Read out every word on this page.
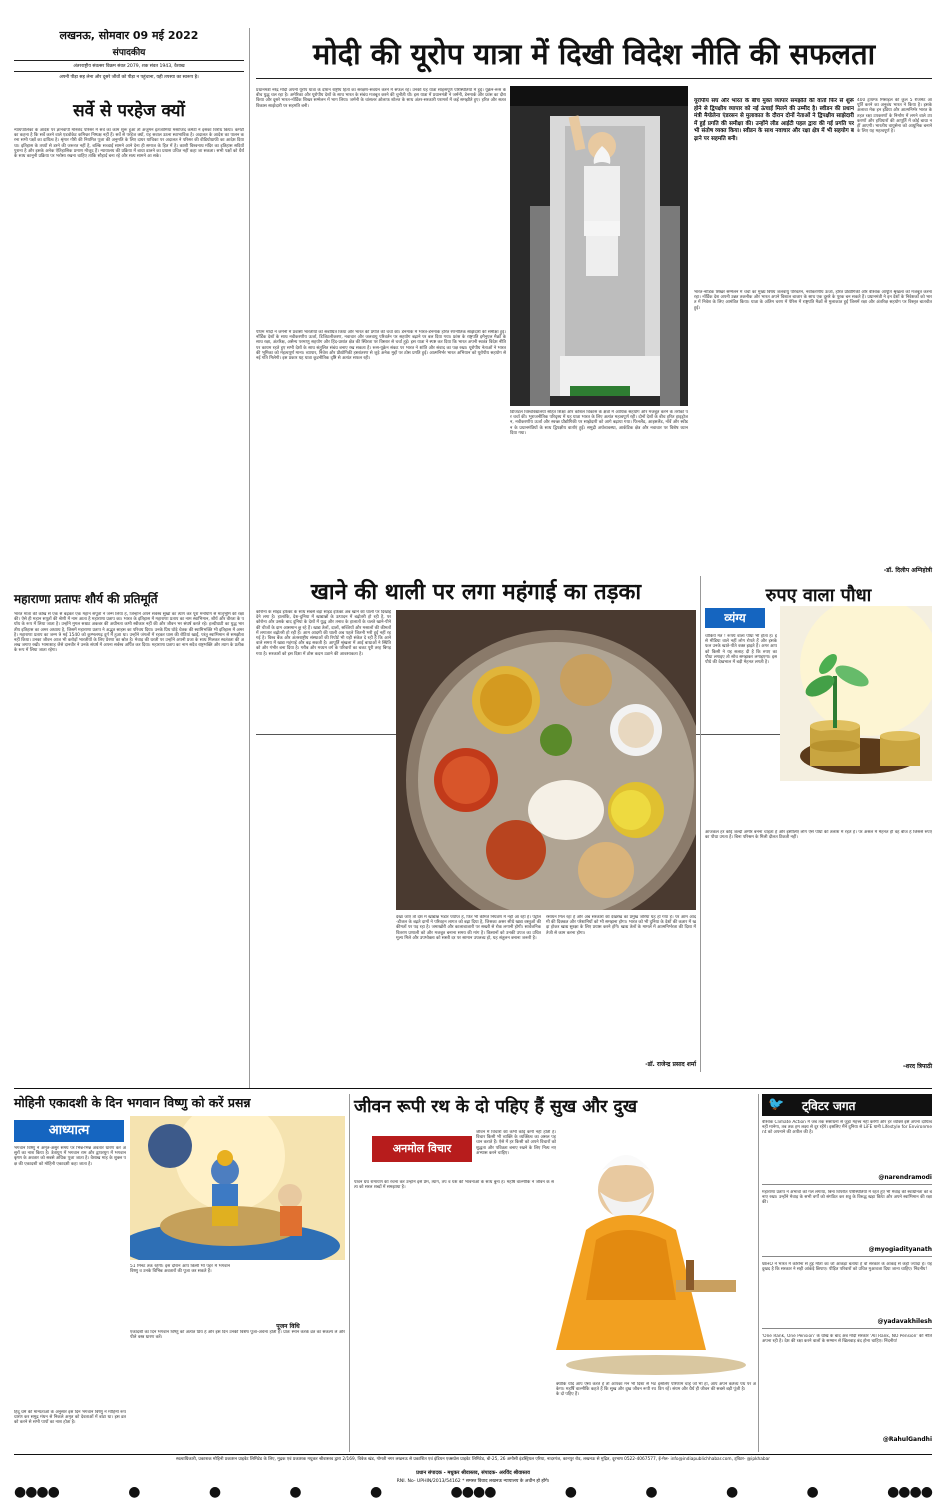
लखनऊ, सोमवार 09 मई 2022
संपादकीय
अंतरराष्ट्रीय संवत्सर विक्रम संवत 2079, शक संवत 1943, वैशाख
अपनी पीड़ा सह लेना और दूसरे जीवों को पीड़ा न पहुंचाना, यही तपस्या का स्वरूप है।
सर्वे से परहेज क्यों
न्यायपालिका के आदेश पर ज्ञानवापी मस्जिद परिसर में सर्वे का काम शुरू हुआ तो अंजुमन इंतजामिया मसाजिद कमेटी ने इसका विरोध किया। कमेटी का कहना है कि सर्वे करने वाले एडवोकेट कमिश्नर निष्पक्ष नहीं हैं। सर्वे से परहेज क्यों, यह सवाल उठना स्वाभाविक है। अदालत के आदेश का पालन करना सभी पक्षों का दायित्व है। श्रृंगार गौरी की नियमित पूजा की अनुमति के लिए दायर याचिका पर अदालत ने परिसर की वीडियोग्राफी का आदेश दिया था। इतिहास के तथ्यों से डरने की जरूरत नहीं है, बल्कि सच्चाई सामने आने देना ही समाज के हित में है। काशी विश्वनाथ मंदिर का इतिहास सदियों पुराना है और इसके अनेक ऐतिहासिक प्रमाण मौजूद हैं। न्यायालय की प्रक्रिया में बाधा डालने का प्रयास उचित नहीं कहा जा सकता। सभी पक्षों को धैर्य के साथ कानूनी प्रक्रिया पर भरोसा रखना चाहिए ताकि सौहार्द बना रहे और सत्य सामने आ सके।
महाराणा प्रतापः शौर्य की प्रतिमूर्ति
भारत माता की कोख से एक से बढ़कर एक महान सपूतों ने जन्म लिया है, जिन्होंने अपने सर्वस्व सुखों का त्याग कर पूरा मनोयोग से मातृभूमि की रक्षा की। ऐसे ही महान सपूतों की श्रेणी में नाम आता है महाराणा प्रताप का। भारत के इतिहास में महाराणा प्रताप का नाम स्वाभिमान, शौर्य और वीरता के पर्याय के रूप में लिया जाता है। उन्होंने मुगल सम्राट अकबर की अधीनता कभी स्वीकार नहीं की और जीवन भर संघर्ष करते रहे। हल्दीघाटी का युद्ध भारतीय इतिहास का अमर अध्याय है, जिसमें महाराणा प्रताप ने अद्भुत साहस का परिचय दिया। उनके प्रिय घोड़े चेतक की स्वामिभक्ति भी इतिहास में अमर है। महाराणा प्रताप का जन्म 9 मई 1540 को कुम्भलगढ़ दुर्ग में हुआ था। उन्होंने जंगलों में रहकर घास की रोटियां खाईं, परंतु स्वाभिमान से समझौता नहीं किया। उनका जीवन आज भी करोड़ों भारतीयों के लिए प्रेरणा का स्रोत है। मेवाड़ की धरती पर उन्होंने अपनी प्रजा के साथ मिलकर स्वतंत्रता की अलख जगाए रखी। भामाशाह जैसे दानवीर ने उनके संघर्ष में अपना सर्वस्व अर्पित कर दिया। महाराणा प्रताप का नाम सदैव राष्ट्रभक्ति और त्याग के प्रतीक के रूप में लिया जाता रहेगा।
मोदी की यूरोप यात्रा में दिखी विदेश नीति की सफलता
प्रधानमंत्री नरेंद्र मोदी अपनी यूरोप यात्रा के दौरान राष्ट्रीय हितों का संरक्षण-संवर्धन करने में सफल रहे। उनकी यह यात्रा साहसपूर्ण परिस्थितियों में हुई। यूक्रेन-रूस के बीच युद्ध चल रहा है। अमेरिका और यूरोपीय देशों के साथ भारत के संबंध मजबूत करने की चुनौती थी। इस यात्रा में प्रधानमंत्री ने जर्मनी, डेनमार्क और फ्रांस का दौरा किया और दूसरे भारत-नॉर्डिक शिखर सम्मेलन में भाग लिया। जर्मनी के चांसलर ओलाफ शोल्ज के साथ अंतर-सरकारी परामर्श में कई समझौते हुए। हरित और सतत विकास साझेदारी पर सहमति बनी।
पीएम मोदी ने जर्मनी में प्रवासी भारतीयों को संबोधित किया और भारत की प्रगति की चर्चा की। डेनमार्क में भारत-डेनमार्क हरित रणनीतिक साझेदारी की समीक्षा हुई। नॉर्डिक देशों के साथ नवीकरणीय ऊर्जा, डिजिटलीकरण, नवाचार और जलवायु परिवर्तन पर सहयोग बढ़ाने पर बल दिया गया। फ्रांस के राष्ट्रपति इमैनुएल मैक्रों के साथ रक्षा, अंतरिक्ष, असैन्य परमाणु सहयोग और हिंद-प्रशांत क्षेत्र की स्थिरता पर विस्तार से चर्चा हुई। इस यात्रा ने स्पष्ट कर दिया कि भारत अपनी स्वतंत्र विदेश नीति पर कायम रहते हुए सभी देशों के साथ संतुलित संबंध बनाए रख सकता है। रूस-यूक्रेन संकट पर भारत ने शांति और संवाद का पक्ष रखा। यूरोपीय नेताओं ने भारत की भूमिका को महत्वपूर्ण माना। व्यापार, निवेश और प्रौद्योगिकी हस्तांतरण से जुड़े अनेक मुद्दों पर ठोस प्रगति हुई। आत्मनिर्भर भारत अभियान को यूरोपीय सहयोग से नई गति मिलेगी। इस प्रकार यह यात्रा कूटनीतिक दृष्टि से अत्यंत सफल रही।
डिजिटल विश्वविद्यालयों सहित शिक्षा और कौशल विकास के क्षेत्रों में आर्थिक सहयोग और मजबूत करने के तरीकों पर चर्चा की। भूराजनीतिक परिदृश्य में यह यात्रा भारत के लिए अत्यंत महत्वपूर्ण रही। दोनों देशों के बीच हरित हाइड्रोजन, नवीकरणीय ऊर्जा और स्वच्छ प्रौद्योगिकी पर साझेदारी को आगे बढ़ाया गया। फिनलैंड, आइसलैंड, नॉर्वे और स्वीडन के प्रधानमंत्रियों के साथ द्विपक्षीय वार्ताएं हुईं। समुद्री अर्थव्यवस्था, आर्कटिक क्षेत्र और नवाचार पर विशेष ध्यान दिया गया।
यूरोपीय संघ और भारत के बीच मुक्त व्यापार समझौते की वार्ता फिर से शुरू होने से द्विपक्षीय व्यापार को नई ऊंचाई मिलने की उम्मीद है। स्वीडन की प्रधानमंत्री मैग्डेलेना एंडरसन से मुलाकात के दौरान दोनों नेताओं ने द्विपक्षीय साझेदारी में हुई प्रगति की समीक्षा की। उन्होंने लीड आईटी पहल द्वारा की गई प्रगति पर भी संतोष व्यक्त किया। स्वीडन के साथ नवाचार और रक्षा क्षेत्र में भी सहयोग बढ़ाने पर सहमति बनी।
भारत-नॉर्डिक शिखर सम्मेलन में चर्चा का मुख्य विषय जलवायु परिवर्तन, नवीकरणीय ऊर्जा, हरित प्रौद्योगिकी और वैश्विक आपूर्ति श्रृंखला को मजबूत करना रहा। नॉर्डिक देश अपनी उन्नत तकनीक और भारत अपने विशाल बाजार के साथ एक दूसरे के पूरक बन सकते हैं। प्रधानमंत्री ने इन देशों के निवेशकों को भारत में निवेश के लिए आमंत्रित किया। यात्रा के अंतिम चरण में पेरिस में राष्ट्रपति मैक्रों से मुलाकात हुई जिसमें रक्षा और अंतरिक्ष सहयोग पर विस्तृत बातचीत हुई।
400 ट्रायम्फ मिसाइल की कुल 5 रेजिमेंट आपूर्ति करने का अनुबंध भारत ने किया है। इसके अलावा मेक इन इंडिया और आत्मनिर्भर भारत के तहत रक्षा उपकरणों के निर्माण में लगने वाले उपकरणों और हथियारों की आपूर्ति में कोई बाधा नहीं आएगी। भारतीय वायुसेना को आधुनिक बनाने के लिए यह महत्वपूर्ण है।
-डॉ. दिलीप अग्निहोत्री
खाने की थाली पर लगा महंगाई का तड़का
कोरोना के साइड इफेक्ट के साथ सबसे बड़ा साइड इफेक्ट अब खाने की थाली पर दिखाई देने लगा है। हालांकि, देश-दुनिया में खाद्यान्नों के उत्पादन में बढ़ोतरी हो रही है, पर कोरोना और उसके बाद दुनिया के देशों में युद्ध और तनाव के हालातों के चलते खाने-पीने की चीजों के दाम आसमान छू रहे हैं। खाद्य तेलों, दालों, सब्जियों और मसालों की कीमतों में लगातार बढ़ोतरी हो रही है। आम आदमी की थाली अब पहले जितनी भरी हुई नहीं रह गई है। विश्व बैंक और अंतरराष्ट्रीय संस्थाओं की रिपोर्ट भी यही संकेत दे रही हैं कि आने वाले समय में खाद्य महंगाई और बढ़ सकती है। आपूर्ति श्रृंखला में आई बाधाओं ने स्थिति को और गंभीर बना दिया है। गरीब और मध्यम वर्ग के परिवारों का बजट पूरी तरह बिगड़ गया है। सरकारों को इस दिशा में ठोस कदम उठाने की आवश्यकता है।
देखा जाए तो देश में खाद्यान्न भंडार पर्याप्त है, फिर भी कीमतें नियंत्रण में नहीं आ रही हैं। पेट्रोल-डीजल के बढ़ते दामों ने परिवहन लागत को बढ़ा दिया है, जिसका असर सीधे खाद्य वस्तुओं की कीमतों पर पड़ रहा है। जमाखोरी और कालाबाजारी पर सख्ती से रोक लगानी होगी। सार्वजनिक वितरण प्रणाली को और मजबूत बनाना समय की मांग है। किसानों को उनकी उपज का उचित मूल्य मिले और उपभोक्ता को सस्ती दर पर सामान उपलब्ध हो, यह संतुलन बनाना जरूरी है।
रसायन मिल रहा है और अब सरकारों की देखरेख का प्रमुख जरिया यह हो गया है। पर आम आदमी की दिक्कत और परेशानियों को भी समझना होगा। भारत को भी दुनिया के देशों की कतार में खड़ा होकर खाद्य सुरक्षा के लिए प्रयास करने होंगे। खाद्य तेलों के मामले में आत्मनिर्भरता की दिशा में तेजी से काम करना होगा।
-डॉ. राजेन्द्र प्रसाद शर्मा
रुपए वाला पौधा
व्यंग्य
चौंकिये मत ! रूपये वाला पौधा भी होता है। इसे मीडिया वाले नहीं लोग रोपते हैं और इसके फल उनके खाते-पीते वक्त झड़ते हैं। अगर आपको किसी ने यह सलाह दी है कि रुपए का पौधा लगाइए तो सोच समझकर लगाइएगा। इस पौधे की देखभाल में बड़ी मेहनत लगती है।
आजकल हर कोई जल्दी अमीर बनना चाहता है और इसीलिए लोग ऐसे पौधों की तलाश में रहते हैं। पर असल में मेहनत ही वह बीज है जिससे रुपए का पौधा उगता है। बिना परिश्रम के मिली दौलत टिकती नहीं।
-शरद त्रिपाठी
मोहिनी एकादशी के दिन भगवान विष्णु को करें प्रसन्न
आध्यात्म
भगवान विष्णु ने अमृत-असुर समय पर भिन्न-भिन्न अवतार धारण कर असुरों का नाश किया है। त्रेतायुग में भगवान राम और द्वापरयुग में भगवान कृष्ण के अवतार को सबसे अधिक पूजा जाता है। वैशाख माह के शुक्ल पक्ष की एकादशी को मोहिनी एकादशी कहा जाता है।
हिंदू धर्म की मान्यताओं के अनुसार इस दिन भगवान विष्णु ने मोहिनी रूप धारण कर समुद्र मंथन से निकले अमृत को देवताओं में बांटा था। इस व्रत को करने से सभी पापों का नाश होता है।
51 मिनट तक रहेगी। इस दौरान आप किसी भी पहर में भगवान विष्णु व उनके विभिन्न अवतारों की पूजा कर सकते हैं।
पूजन विधि
एकादशी का दिन भगवान विष्णु को अत्यंत प्रिय है और इस दिन उनकी विशेष पूजा-अर्चना होती है। प्रातः स्नान करके व्रत का संकल्प लें और पीले वस्त्र धारण करें।
जीवन रूपी रथ के दो पहिए हैं सुख और दुख
अनमोल विचार
जीवन में विचारों की कभी कोई कमी नहीं होती है। विचार किसी भी व्यक्ति के व्यक्तित्व का असल पहचान कराते हैं। ऐसे में हर किसी को अपने विचारों को शुद्धता और पवित्रता बनाए रखने के लिए नित्य नए अभ्यास करने चाहिए।
पावन ग्रंथ रामायण की रचना कर उन्होंने इसे प्रेम, त्याग, तप व यश की भावनाओं के साथ बुना है। महर्षि वाल्मीकि ने जीवन के सत्य को सरल शब्दों में समझाया है।
क्योंकि यदि आप ऐसा करते हैं तो आपका मन भी दिशा से भटकेगा। महर्षि वाल्मीकि कहते हैं कि सुख और दुख जीवन रूपी रथ के दो पहिए हैं।
इसलिए परिणाम चाहे जो भी हों, आप अपने कर्तव्य पथ पर अडिग रहें। संयम और धैर्य ही जीवन की सबसे बड़ी पूंजी है।
🐦 ट्विटर जगत
वैश्विक Climate Action में जब तक संसाधनों से जुड़ा महत्त्व नहीं करेगी और हर व्यक्ति इसे अपना दायित्व नहीं मानेगा, तब तक हम लक्ष्य से दूर रहेंगे। इसलिए मैंने दुनिया से LiFE यानी Lifestyle for Environment को अपनाने की अपील की है।
@narendramodi
महाराणा प्रताप ने अभावों को गले लगाया, बिना विपरीत परिस्थितियों में रहते हुए भी मेवाड़ की स्वाधीनता को बनाए रखा। उन्होंने मेवाड़ के सभी वर्गों को संगठित कर शत्रु के विरुद्ध खड़ा किया और अपने स्वाभिमान की रक्षा की।
@myogiadityanath
WHO ने भारत में कोरोना से हुई मौतों का जो आंकड़ा बताया है वो सरकार के आंकड़े से कहीं ज्यादा है। यह दुखद है कि सरकार ने सही आंकड़े छिपाए। पीड़ित परिवारों को उचित मुआवजा दिया जाना चाहिए। निंदनीय!
@yadavakhilesh
'One Rank, One Pension' के धोखे के बाद अब मोदी सरकार 'All Rank, NO Pension' की नीति अपना रही है। देश की रक्षा करने वालों के सम्मान से खिलवाड़ बंद होना चाहिए। निंदनीय!
@RahulGandhi
स्वत्वाधिकारी, प्रकाशक मोहिनी प्रकाशन प्राइवेट लिमिटेड के लिए, मुद्रक एवं प्रकाशक मधुकर श्रीवास्तव द्वारा 2/169, विवेक खंड, गोमती नगर लखनऊ से प्रकाशित एवं इंडियन एक्सप्रेस प्राइवेट लिमिटेड, बी-25, 26 अमौसी इंडस्ट्रियल एरिया, नादरगंज, कानपुर रोड, लखनऊ से मुद्रित, दूरभाष 0522-4067577, ई-मेल- info@indiapublichhabar.com, ट्विटर- @ipkhabar
प्रधान संपादक - मधुकर श्रीवास्तव, संपादक- अरविंद श्रीवास्तव
RNI. No- UPHIN/2013/54162 * समस्त विवाद लखनऊ न्यायालय के अधीन हो होंगे।
●●●●	●	●	●	●	●●●●	●	●	●	●	●●●●
